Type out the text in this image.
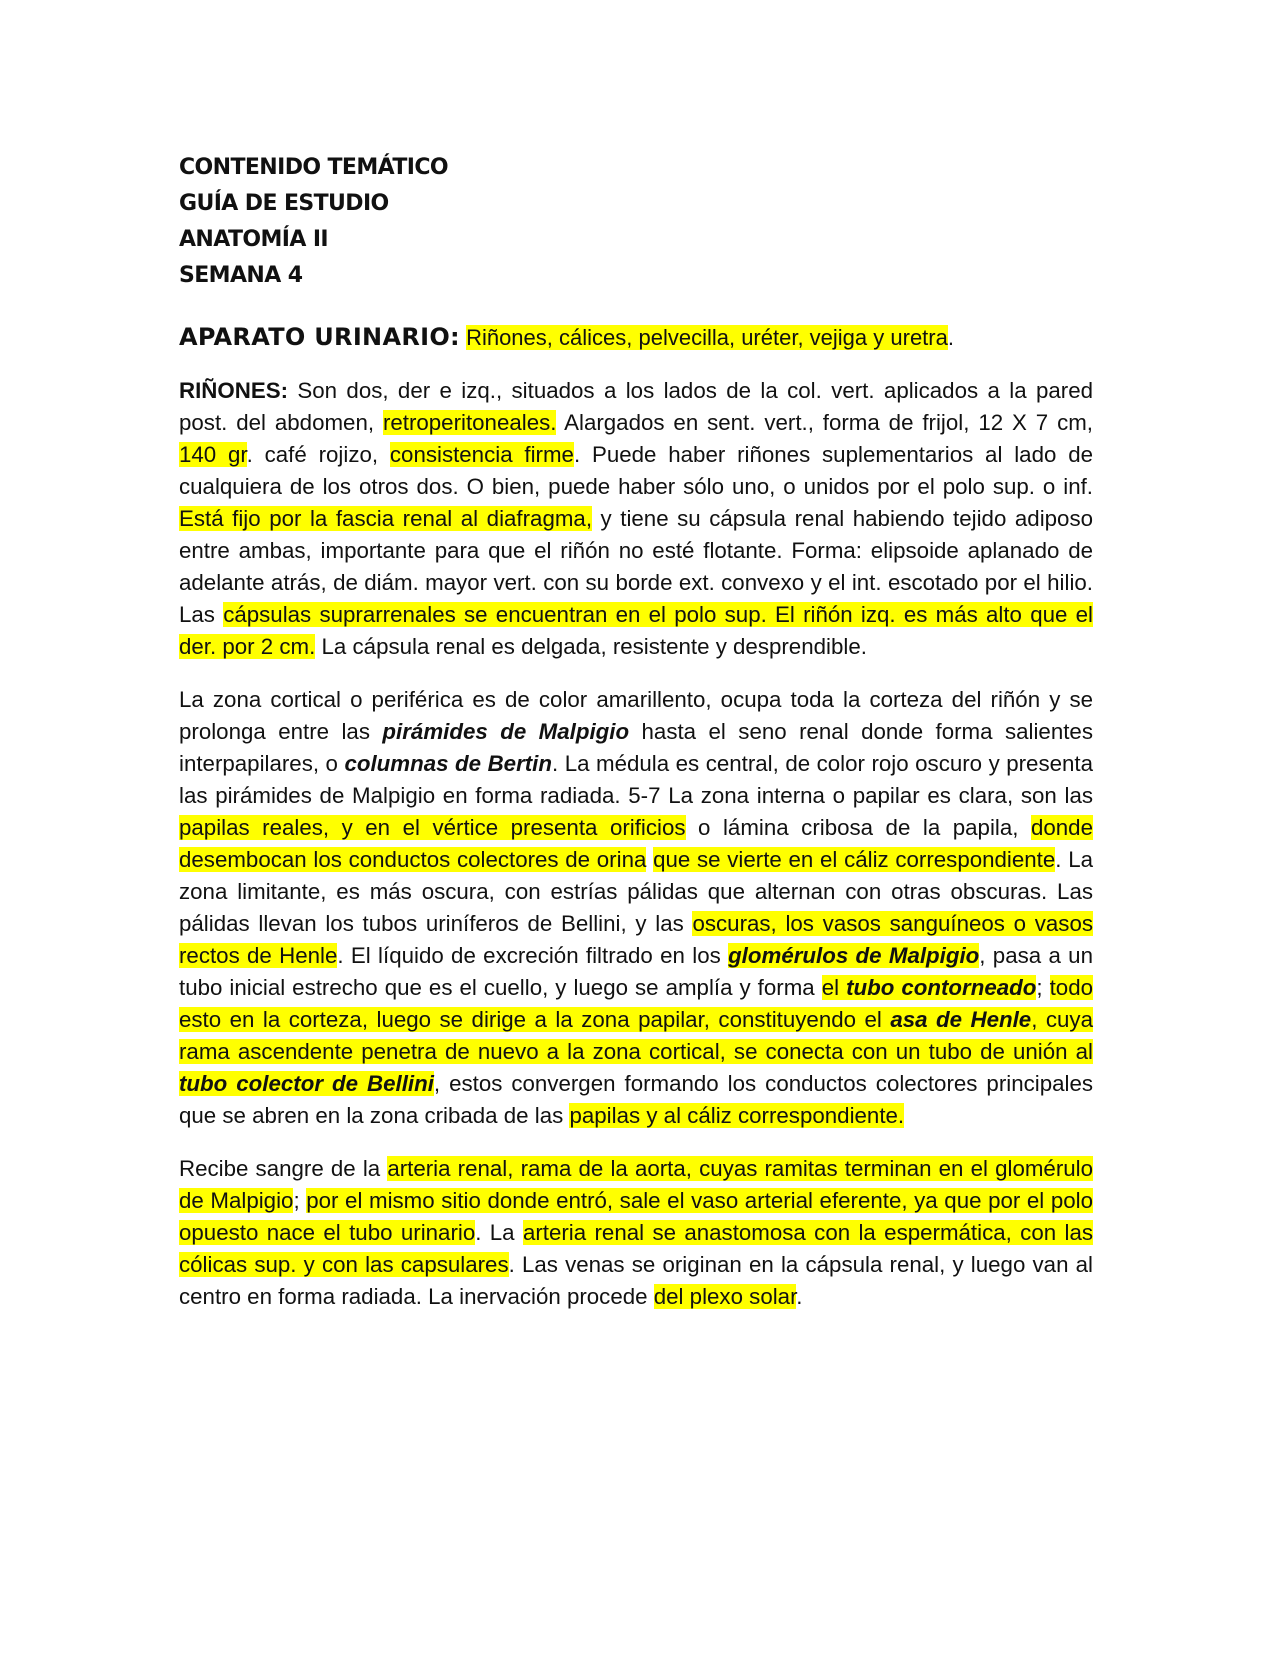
CONTENIDO TEMÁTICO
GUÍA DE ESTUDIO
ANATOMÍA II
SEMANA 4
APARATO URINARIO: Riñones, cálices, pelvecilla, uréter, vejiga y uretra.

RIÑONES: Son dos, der e izq., situados a los lados de la col. vert. aplicados a la pared post. del abdomen, retroperitoneales. Alargados en sent. vert., forma de frijol, 12 X 7 cm, 140 gr. café rojizo, consistencia firme. Puede haber riñones suplementarios al lado de cualquiera de los otros dos. O bien, puede haber sólo uno, o unidos por el polo sup. o inf. Está fijo por la fascia renal al diafragma, y tiene su cápsula renal habiendo tejido adiposo entre ambas, importante para que el riñón no esté flotante. Forma: elipsoide aplanado de adelante atrás, de diám. mayor vert. con su borde ext. convexo y el int. escotado por el hilio. Las cápsulas suprarrenales se encuentran en el polo sup. El riñón izq. es más alto que el der. por 2 cm. La cápsula renal es delgada, resistente y desprendible.

La zona cortical o periférica es de color amarillento, ocupa toda la corteza del riñón y se prolonga entre las pirámides de Malpigio hasta el seno renal donde forma salientes interpapilares, o columnas de Bertin. La médula es central, de color rojo oscuro y presenta las pirámides de Malpigio en forma radiada. 5-7 La zona interna o papilar es clara, son las papilas reales, y en el vértice presenta orificios o lámina cribosa de la papila, donde desembocan los conductos colectores de orina que se vierte en el cáliz correspondiente. La zona limitante, es más oscura, con estrías pálidas que alternan con otras obscuras. Las pálidas llevan los tubos uriníferos de Bellini, y las oscuras, los vasos sanguíneos o vasos rectos de Henle. El líquido de excreción filtrado en los glomérulos de Malpigio, pasa a un tubo inicial estrecho que es el cuello, y luego se amplía y forma el tubo contorneado; todo esto en la corteza, luego se dirige a la zona papilar, constituyendo el asa de Henle, cuya rama ascendente penetra de nuevo a la zona cortical, se conecta con un tubo de unión al tubo colector de Bellini, estos convergen formando los conductos colectores principales que se abren en la zona cribada de las papilas y al cáliz correspondiente.

Recibe sangre de la arteria renal, rama de la aorta, cuyas ramitas terminan en el glomérulo de Malpigio; por el mismo sitio donde entró, sale el vaso arterial eferente, ya que por el polo opuesto nace el tubo urinario. La arteria renal se anastomosa con la espermática, con las cólicas sup. y con las capsulares. Las venas se originan en la cápsula renal, y luego van al centro en forma radiada. La inervación procede del plexo solar.
